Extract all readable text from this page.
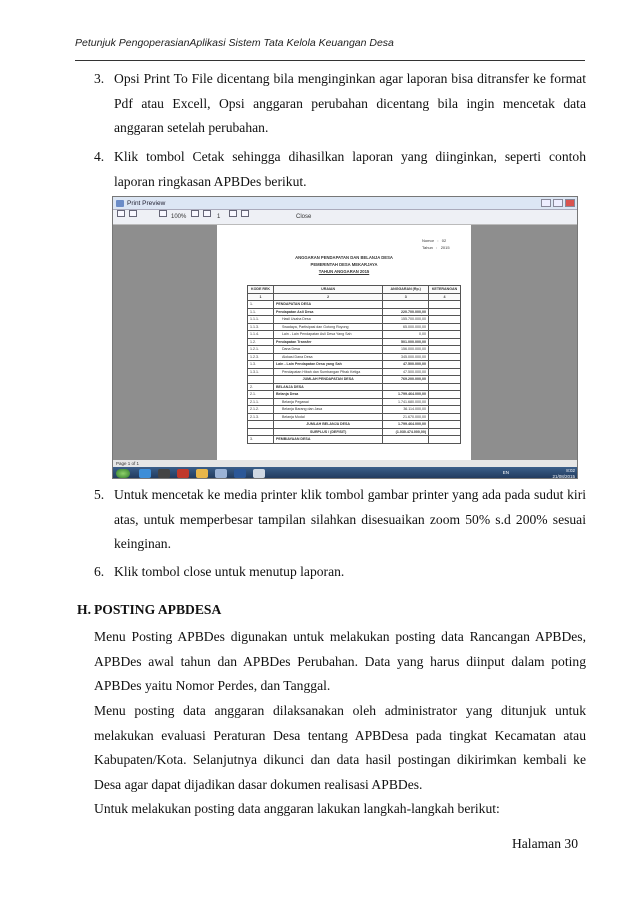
Petunjuk PengoperasianAplikasi Sistem Tata Kelola Keuangan Desa
3. Opsi Print To File dicentang bila menginginkan agar laporan bisa ditransfer ke format Pdf atau Excell, Opsi anggaran perubahan dicentang bila ingin mencetak data anggaran setelah perubahan.
4. Klik tombol Cetak sehingga dihasilkan laporan yang diinginkan, seperti contoh laporan ringkasan APBDes berikut.
Print Preview
100%	1	Close
Nomor   :   02
Tahun   :   2015
ANGGARAN PENDAPATAN DAN BELANJA DESA
PEMERINTAH DESA MEKARJAYA
TAHUN ANGGARAN 2015
KODE REK	URAIAN	ANGGARAN (Rp.)	KETERANGAN
1	2	3	4
1.	PENDAPATAN DESA		
1.1.	Pendapatan Asli Desa	220.700.000,00	
1.1.1.	Hasil Usaha Desa	155.700.000,00	
1.1.3.	Swadaya, Partisipasi dan Gotong Royong	65.000.000,00	
1.1.4.	Lain - Lain Pendapatan Asli Desa Yang Sah	0,00	
1.2.	Pendapatan Transfer	501.000.000,00	
1.2.1.	Dana Desa	156.000.000,00	
1.2.3.	Alokasi Dana Desa	345.000.000,00	
1.3.	Lain - Lain Pendapatan Desa yang Sah	47.500.000,00	
1.3.1.	Pendapatan Hibah dan Sumbangan Pihak Ketiga	47.500.000,00	
	JUMLAH PENDAPATAN DESA	769.200.000,00	
2.	BELANJA DESA		
2.1.	Belanja Desa	1.799.464.000,00	
2.1.1.	Belanja Pegawai	1.741.680.000,00	
2.1.2.	Belanja Barang dan Jasa	36.114.000,00	
2.1.3.	Belanja Modal	21.670.000,00	
	JUMLAH BELANJA DESA	1.799.464.000,00	
	SURPLUS / (DEFISIT)	(1.030.474.000,00)	
3.	PEMBIAYAAN DESA		
Page 1 of 1
EN	8:02
21/08/2015
5. Untuk mencetak ke media printer klik tombol gambar printer yang ada pada sudut kiri atas, untuk memperbesar tampilan silahkan disesuaikan zoom 50% s.d 200% sesuai keinginan.
6. Klik tombol close untuk menutup laporan.
H. POSTING APBDESA
Menu Posting APBDes digunakan untuk melakukan posting data Rancangan APBDes, APBDes awal tahun dan APBDes Perubahan. Data yang harus diinput dalam poting APBDes yaitu Nomor Perdes, dan Tanggal.
Menu posting data anggaran dilaksanakan oleh administrator yang ditunjuk untuk melakukan evaluasi Peraturan Desa tentang APBDesa pada tingkat Kecamatan atau Kabupaten/Kota. Selanjutnya dikunci dan data hasil postingan dikirimkan kembali ke Desa agar dapat dijadikan dasar dokumen realisasi APBDes.
Untuk melakukan posting data anggaran lakukan langkah-langkah berikut:
Halaman 30
